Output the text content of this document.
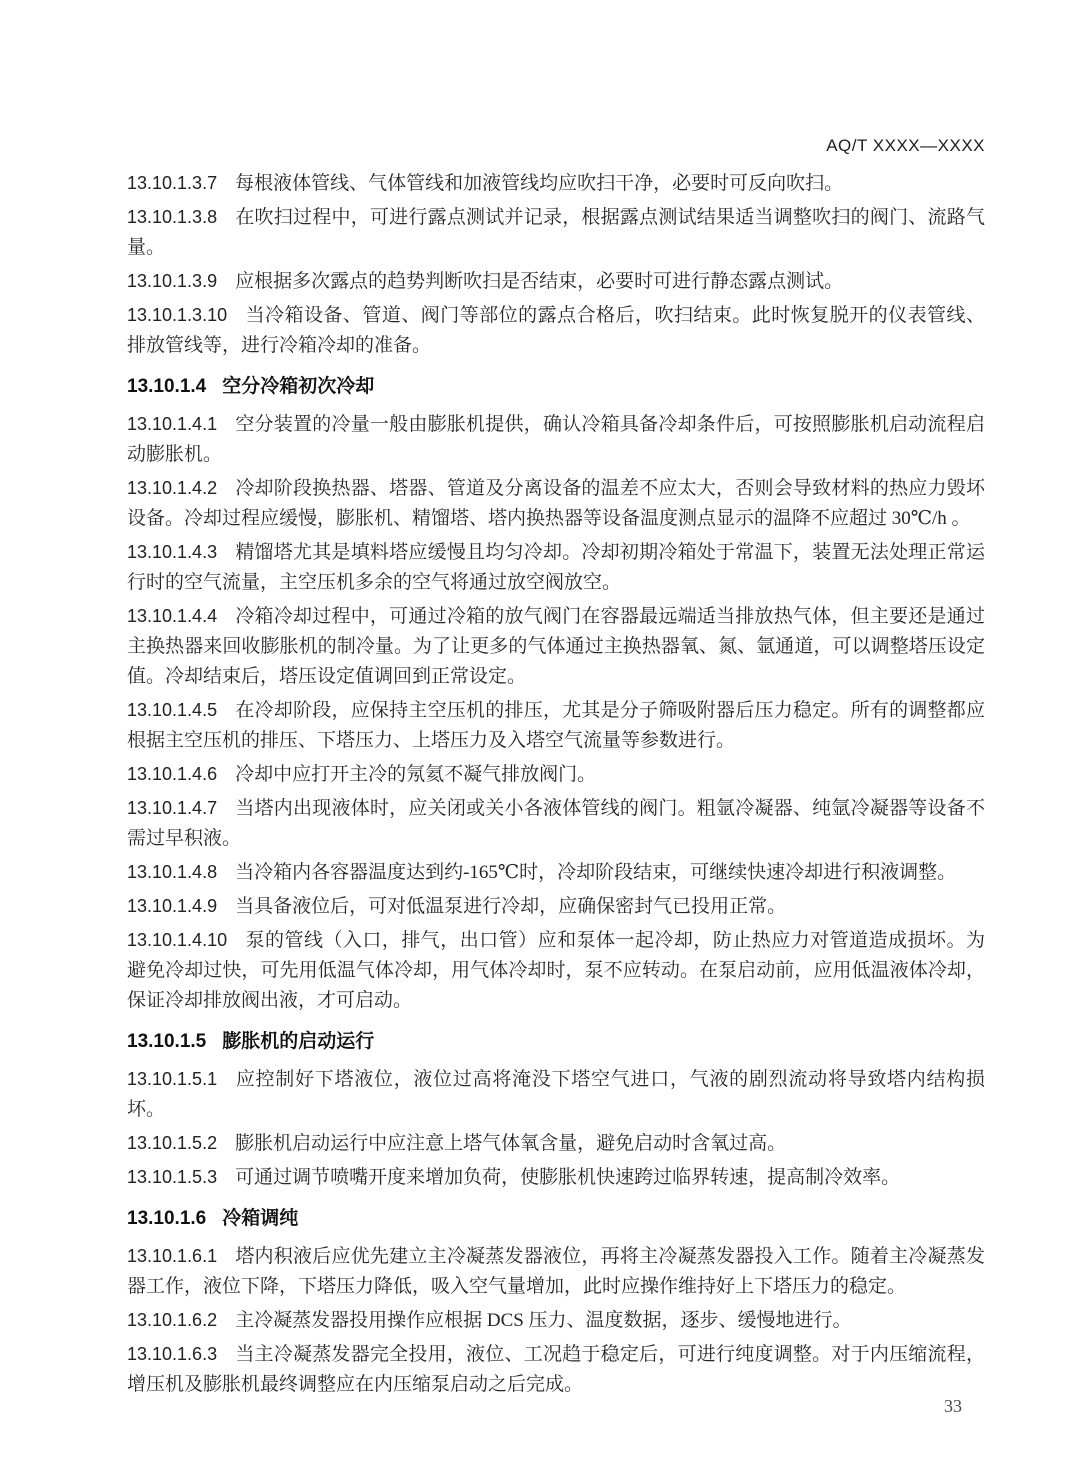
AQ/T XXXX—XXXX

13.10.1.3.7 每根液体管线、气体管线和加液管线均应吹扫干净，必要时可反向吹扫。

13.10.1.3.8 在吹扫过程中，可进行露点测试并记录，根据露点测试结果适当调整吹扫的阀门、流路气量。

13.10.1.3.9 应根据多次露点的趋势判断吹扫是否结束，必要时可进行静态露点测试。

13.10.1.3.10 当冷箱设备、管道、阀门等部位的露点合格后，吹扫结束。此时恢复脱开的仪表管线、排放管线等，进行冷箱冷却的准备。

13.10.1.4 空分冷箱初次冷却

13.10.1.4.1 空分装置的冷量一般由膨胀机提供，确认冷箱具备冷却条件后，可按照膨胀机启动流程启动膨胀机。

13.10.1.4.2 冷却阶段换热器、塔器、管道及分离设备的温差不应太大，否则会导致材料的热应力毁坏设备。冷却过程应缓慢，膨胀机、精馏塔、塔内换热器等设备温度测点显示的温降不应超过 30℃/h 。

13.10.1.4.3 精馏塔尤其是填料塔应缓慢且均匀冷却。冷却初期冷箱处于常温下，装置无法处理正常运行时的空气流量，主空压机多余的空气将通过放空阀放空。

13.10.1.4.4 冷箱冷却过程中，可通过冷箱的放气阀门在容器最远端适当排放热气体，但主要还是通过主换热器来回收膨胀机的制冷量。为了让更多的气体通过主换热器氧、氮、氩通道，可以调整塔压设定值。冷却结束后，塔压设定值调回到正常设定。

13.10.1.4.5 在冷却阶段，应保持主空压机的排压，尤其是分子筛吸附器后压力稳定。所有的调整都应根据主空压机的排压、下塔压力、上塔压力及入塔空气流量等参数进行。

13.10.1.4.6 冷却中应打开主冷的氖氦不凝气排放阀门。

13.10.1.4.7 当塔内出现液体时，应关闭或关小各液体管线的阀门。粗氩冷凝器、纯氩冷凝器等设备不需过早积液。

13.10.1.4.8 当冷箱内各容器温度达到约-165℃时，冷却阶段结束，可继续快速冷却进行积液调整。

13.10.1.4.9 当具备液位后，可对低温泵进行冷却，应确保密封气已投用正常。

13.10.1.4.10 泵的管线（入口，排气，出口管）应和泵体一起冷却，防止热应力对管道造成损坏。为避免冷却过快，可先用低温气体冷却，用气体冷却时，泵不应转动。在泵启动前，应用低温液体冷却，保证冷却排放阀出液，才可启动。

13.10.1.5 膨胀机的启动运行

13.10.1.5.1 应控制好下塔液位，液位过高将淹没下塔空气进口，气液的剧烈流动将导致塔内结构损坏。

13.10.1.5.2 膨胀机启动运行中应注意上塔气体氧含量，避免启动时含氧过高。

13.10.1.5.3 可通过调节喷嘴开度来增加负荷，使膨胀机快速跨过临界转速，提高制冷效率。

13.10.1.6 冷箱调纯

13.10.1.6.1 塔内积液后应优先建立主冷凝蒸发器液位，再将主冷凝蒸发器投入工作。随着主冷凝蒸发器工作，液位下降，下塔压力降低，吸入空气量增加，此时应操作维持好上下塔压力的稳定。

13.10.1.6.2 主冷凝蒸发器投用操作应根据 DCS 压力、温度数据，逐步、缓慢地进行。

13.10.1.6.3 当主冷凝蒸发器完全投用，液位、工况趋于稳定后，可进行纯度调整。对于内压缩流程，增压机及膨胀机最终调整应在内压缩泵启动之后完成。

33
